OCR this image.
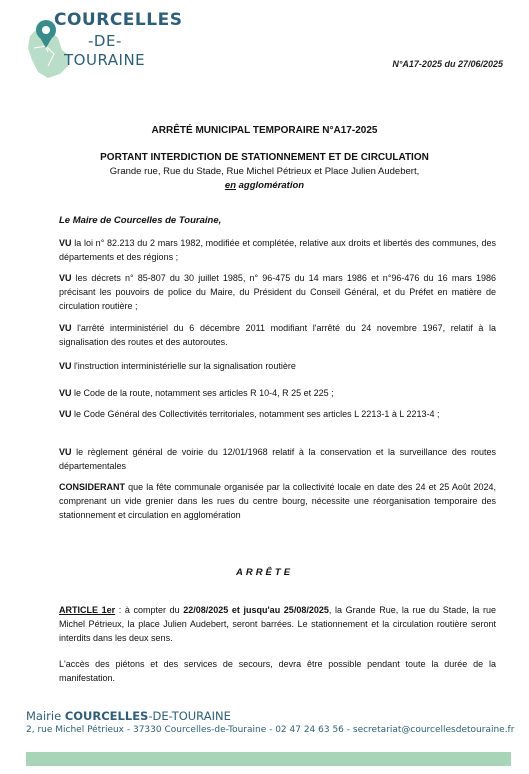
COURCELLES
-DE-
TOURAINE	N°A17-2025 du 27/06/2025
ARRÊTÉ MUNICIPAL TEMPORAIRE N°A17-2025
PORTANT INTERDICTION DE STATIONNEMENT ET DE CIRCULATION
Grande rue, Rue du Stade, Rue Michel Pétrieux et Place Julien Audebert,
en agglomération
Le Maire de Courcelles de Touraine,
VU la loi n° 82.213 du 2 mars 1982, modifiée et complétée, relative aux droits et libertés des communes, des départements et des régions ;
VU les décrets n° 85-807 du 30 juillet 1985, n° 96-475 du 14 mars 1986 et n°96-476 du 16 mars 1986 précisant les pouvoirs de police du Maire, du Président du Conseil Général, et du Préfet en matière de circulation routière ;
VU l'arrêté interministériel du 6 décembre 2011 modifiant l'arrêté du 24 novembre 1967, relatif à la signalisation des routes et des autoroutes.
VU l'instruction interministérielle sur la signalisation routière
VU le Code de la route, notamment ses articles R 10-4, R 25 et 225 ;
VU le Code Général des Collectivités territoriales, notamment ses articles L 2213-1 à L 2213-4 ;
VU le règlement général de voirie du 12/01/1968 relatif à la conservation et la surveillance des routes départementales
CONSIDERANT que la fête communale organisée par la collectivité locale en date des 24 et 25 Août 2024, comprenant un vide grenier dans les rues du centre bourg, nécessite une réorganisation temporaire des stationnement et circulation en agglomération
ARRÊTE
ARTICLE 1er : à compter du 22/08/2025 et jusqu'au 25/08/2025, la Grande Rue, la rue du Stade, la rue Michel Pétrieux, la place Julien Audebert, seront barrées. Le stationnement et la circulation routière seront interdits dans les deux sens.
L'accès des piétons et des services de secours, devra être possible pendant toute la durée de la manifestation.
Mairie COURCELLES-DE-TOURAINE
2, rue Michel Pétrieux - 37330 Courcelles-de-Touraine - 02 47 24 63 56 - secretariat@courcellesdetouraine.fr
